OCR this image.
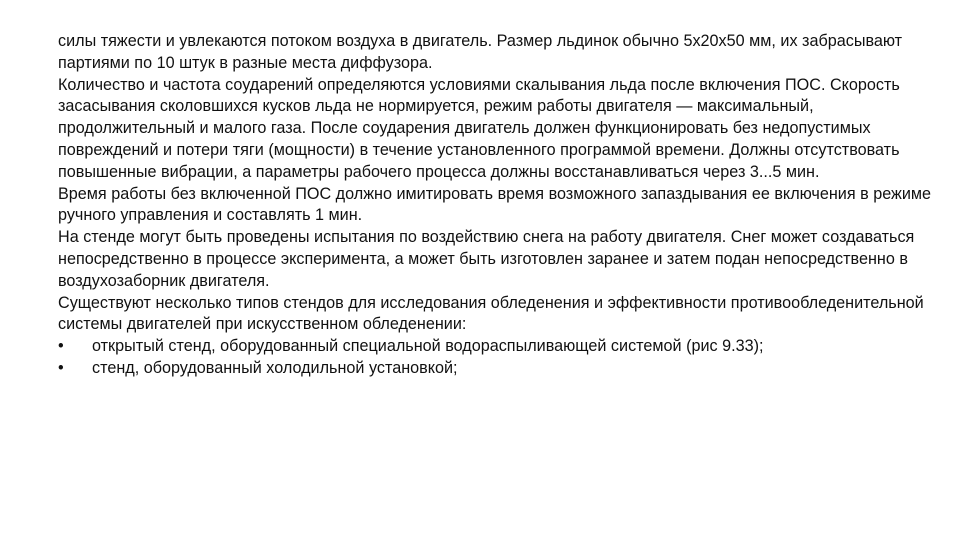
силы тяжести и увлекаются потоком воздуха в двигатель. Размер льдинок обычно 5х20х50 мм, их забрасывают партиями по 10 штук в разные места диффузора.

Количество и частота соударений определяются условиями скалывания льда после включения ПОС. Скорость засасывания сколовшихся кусков льда не нормируется, режим работы двигателя — максимальный, продолжительный и малого газа. После соударения двигатель должен функционировать без недопустимых повреждений и потери тяги (мощности) в течение установленного программой времени. Должны отсутствовать повышенные вибрации, а параметры рабочего процесса должны восстанавливаться через 3...5 мин.

Время работы без включенной ПОС должно имитировать время возможного запаздывания ее включения в режиме ручного управления и составлять 1 мин.

На стенде могут быть проведены испытания по воздействию снега на работу двигателя. Снег может создаваться непосредственно в процессе эксперимента, а может быть изготовлен заранее и затем подан непосредственно в воздухозаборник двигателя.

Существуют несколько типов стендов для исследования обледенения и эффективности противообледенительной системы двигателей при искусственном обледенении:

•	открытый стенд, оборудованный специальной водораспыливающей системой (рис 9.33);
•	стенд, оборудованный холодильной установкой;
